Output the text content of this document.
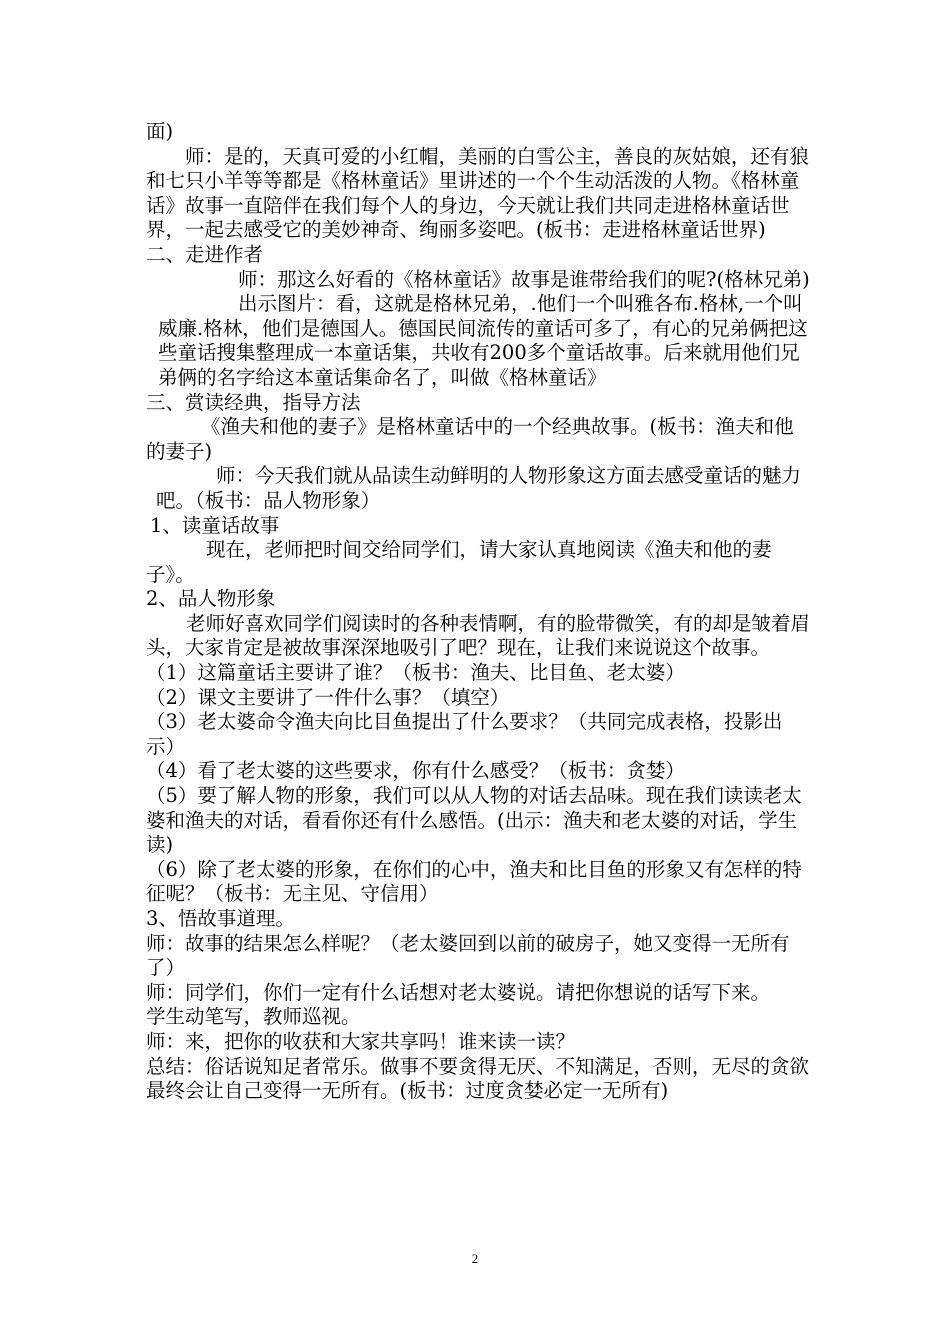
面)

师：是的，天真可爱的小红帽，美丽的白雪公主，善良的灰姑娘，还有狼和七只小羊等等都是《格林童话》里讲述的一个个生动活泼的人物。《格林童话》故事一直陪伴在我们每个人的身边，今天就让我们共同走进格林童话世界，一起去感受它的美妙神奇、绚丽多姿吧。(板书：走进格林童话世界)

二、走进作者

师：那这么好看的《格林童话》故事是谁带给我们的呢?(格林兄弟)

出示图片：看，这就是格林兄弟，.他们一个叫雅各布.格林,一个叫威廉.格林，他们是德国人。德国民间流传的童话可多了，有心的兄弟俩把这些童话搜集整理成一本童话集，共收有200多个童话故事。后来就用他们兄弟俩的名字给这本童话集命名了，叫做《格林童话》

三、赏读经典，指导方法

《渔夫和他的妻子》是格林童话中的一个经典故事。(板书：渔夫和他的妻子)

师：今天我们就从品读生动鲜明的人物形象这方面去感受童话的魅力吧。（板书：品人物形象）

1、读童话故事

现在，老师把时间交给同学们，请大家认真地阅读《渔夫和他的妻子》。

2、品人物形象

老师好喜欢同学们阅读时的各种表情啊，有的脸带微笑，有的却是皱着眉头，大家肯定是被故事深深地吸引了吧？现在，让我们来说说这个故事。

（1）这篇童话主要讲了谁？（板书：渔夫、比目鱼、老太婆）

（2）课文主要讲了一件什么事？（填空）

（3）老太婆命令渔夫向比目鱼提出了什么要求？（共同完成表格，投影出示）

（4）看了老太婆的这些要求，你有什么感受？（板书：贪婪）

（5）要了解人物的形象，我们可以从人物的对话去品味。现在我们读读老太婆和渔夫的对话，看看你还有什么感悟。(出示：渔夫和老太婆的对话，学生读)

（6）除了老太婆的形象，在你们的心中，渔夫和比目鱼的形象又有怎样的特征呢？（板书：无主见、守信用）

3、悟故事道理。

师：故事的结果怎么样呢？（老太婆回到以前的破房子，她又变得一无所有了）

师：同学们，你们一定有什么话想对老太婆说。请把你想说的话写下来。

学生动笔写，教师巡视。

师：来，把你的收获和大家共享吗！谁来读一读？

总结：俗话说知足者常乐。做事不要贪得无厌、不知满足，否则，无尽的贪欲最终会让自己变得一无所有。(板书：过度贪婪必定一无所有)

2
